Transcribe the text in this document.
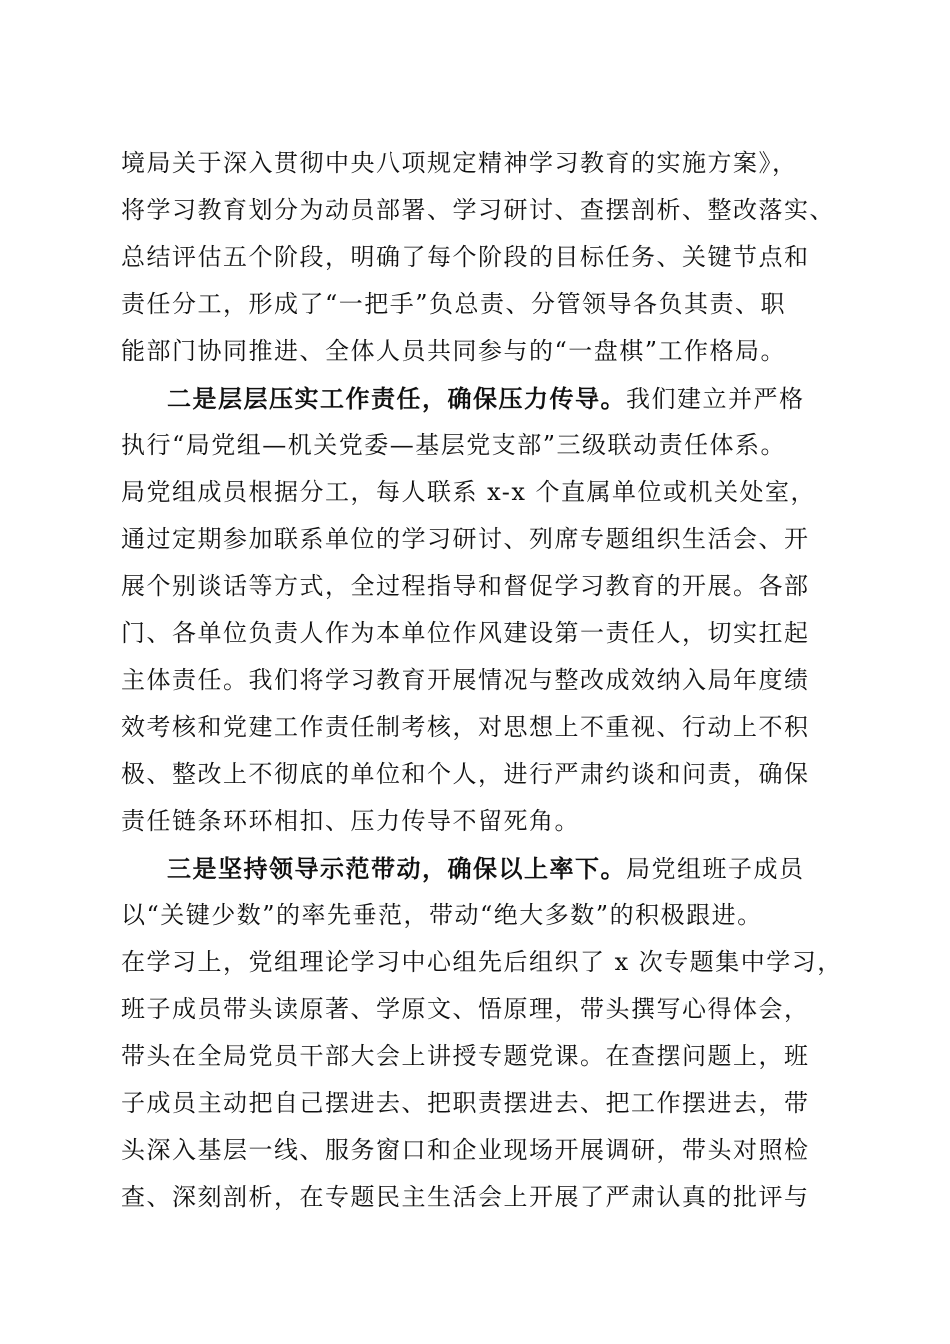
境局关于深入贯彻中央八项规定精神学习教育的实施方案》，
将学习教育划分为动员部署、学习研讨、查摆剖析、整改落实、
总结评估五个阶段，明确了每个阶段的目标任务、关键节点和
责任分工，形成了“一把手”负总责、分管领导各负其责、职
能部门协同推进、全体人员共同参与的“一盘棋”工作格局。
二是层层压实工作责任，确保压力传导。我们建立并严格
执行“局党组—机关党委—基层党支部”三级联动责任体系。
局党组成员根据分工，每人联系 x-x 个直属单位或机关处室，
通过定期参加联系单位的学习研讨、列席专题组织生活会、开
展个别谈话等方式，全过程指导和督促学习教育的开展。各部
门、各单位负责人作为本单位作风建设第一责任人，切实扛起
主体责任。我们将学习教育开展情况与整改成效纳入局年度绩
效考核和党建工作责任制考核，对思想上不重视、行动上不积
极、整改上不彻底的单位和个人，进行严肃约谈和问责，确保
责任链条环环相扣、压力传导不留死角。
三是坚持领导示范带动，确保以上率下。局党组班子成员
以“关键少数”的率先垂范，带动“绝大多数”的积极跟进。
在学习上，党组理论学习中心组先后组织了 x 次专题集中学习，
班子成员带头读原著、学原文、悟原理，带头撰写心得体会，
带头在全局党员干部大会上讲授专题党课。在查摆问题上，班
子成员主动把自己摆进去、把职责摆进去、把工作摆进去，带
头深入基层一线、服务窗口和企业现场开展调研，带头对照检
查、深刻剖析，在专题民主生活会上开展了严肃认真的批评与
